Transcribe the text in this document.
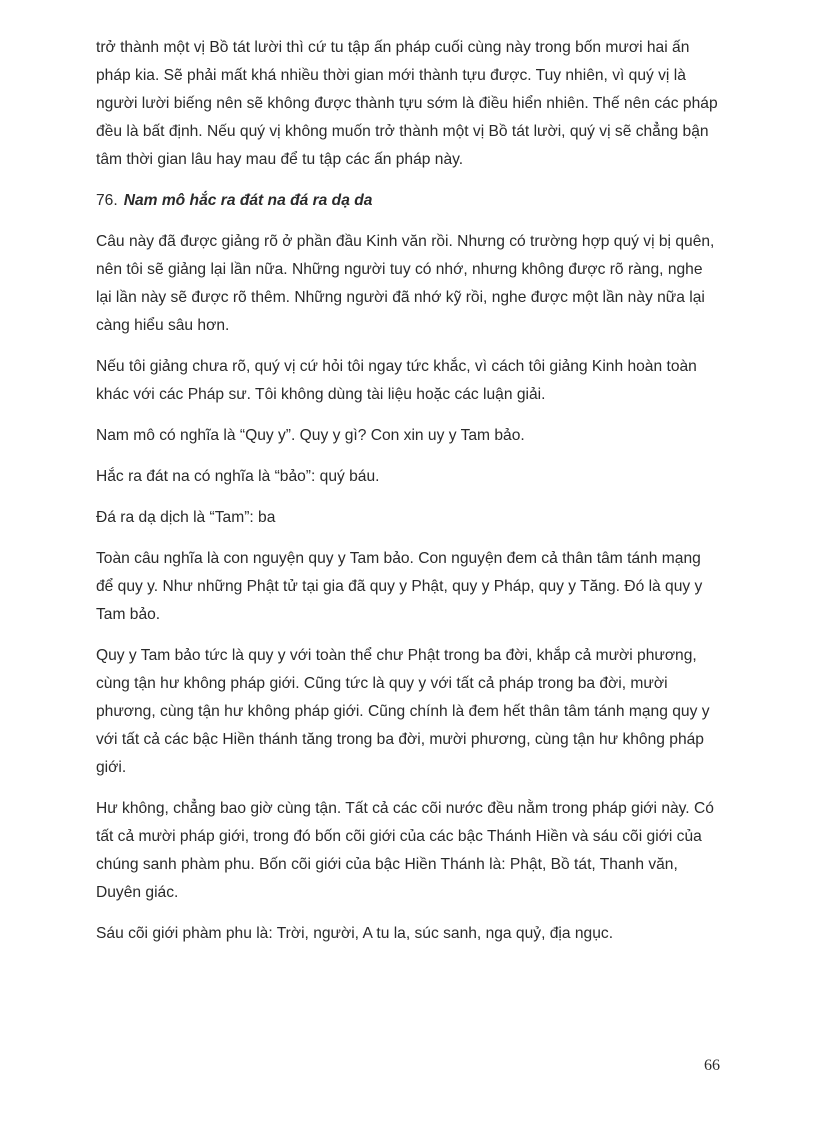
trở thành một vị Bồ tát lười thì cứ tu tập ấn pháp cuối cùng này trong bốn mươi hai ấn pháp kia. Sẽ phải mất khá nhiều thời gian mới thành tựu được. Tuy nhiên, vì quý vị là người lười biếng nên sẽ không được thành tựu sớm là điều hiển nhiên. Thế nên các pháp đều là bất định. Nếu quý vị không muốn trở thành một vị Bồ tát lười, quý vị sẽ chẳng bận tâm thời gian lâu hay mau để tu tập các ấn pháp này.

76. Nam mô hắc ra đát na đá ra dạ da

Câu này đã được giảng rõ ở phần đầu Kinh văn rồi. Nhưng có trường hợp quý vị bị quên, nên tôi sẽ giảng lại lần nữa. Những người tuy có nhớ, nhưng không được rõ ràng, nghe lại lần này sẽ được rõ thêm. Những người đã nhớ kỹ rồi, nghe được một lần này nữa lại càng hiểu sâu hơn.

Nếu tôi giảng chưa rõ, quý vị cứ hỏi tôi ngay tức khắc, vì cách tôi giảng Kinh hoàn toàn khác với các Pháp sư. Tôi không dùng tài liệu hoặc các luận giải.

Nam mô có nghĩa là “Quy y”. Quy y gì? Con xin uy y Tam bảo.

Hắc ra đát na có nghĩa là “bảo”: quý báu.

Đá ra dạ dịch là “Tam”: ba

Toàn câu nghĩa là con nguyện quy y Tam bảo. Con nguyện đem cả thân tâm tánh mạng để quy y. Như những Phật tử tại gia đã quy y Phật, quy y Pháp, quy y Tăng. Đó là quy y Tam bảo.

Quy y Tam bảo tức là quy y với toàn thể chư Phật trong ba đời, khắp cả mười phương, cùng tận hư không pháp giới. Cũng tức là quy y với tất cả pháp trong ba đời, mười phương, cùng tận hư không pháp giới. Cũng chính là đem hết thân tâm tánh mạng quy y với tất cả các bậc Hiền thánh tăng trong ba đời, mười phương, cùng tận hư không pháp giới.

Hư không, chẳng bao giờ cùng tận. Tất cả các cõi nước đều nằm trong pháp giới này. Có tất cả mười pháp giới, trong đó bốn cõi giới của các bậc Thánh Hiền và sáu cõi giới của chúng sanh phàm phu. Bốn cõi giới của bậc Hiền Thánh là: Phật, Bồ tát, Thanh văn, Duyên giác.

Sáu cõi giới phàm phu là: Trời, người, A tu la, súc sanh, nga quỷ, địa ngục.

66
